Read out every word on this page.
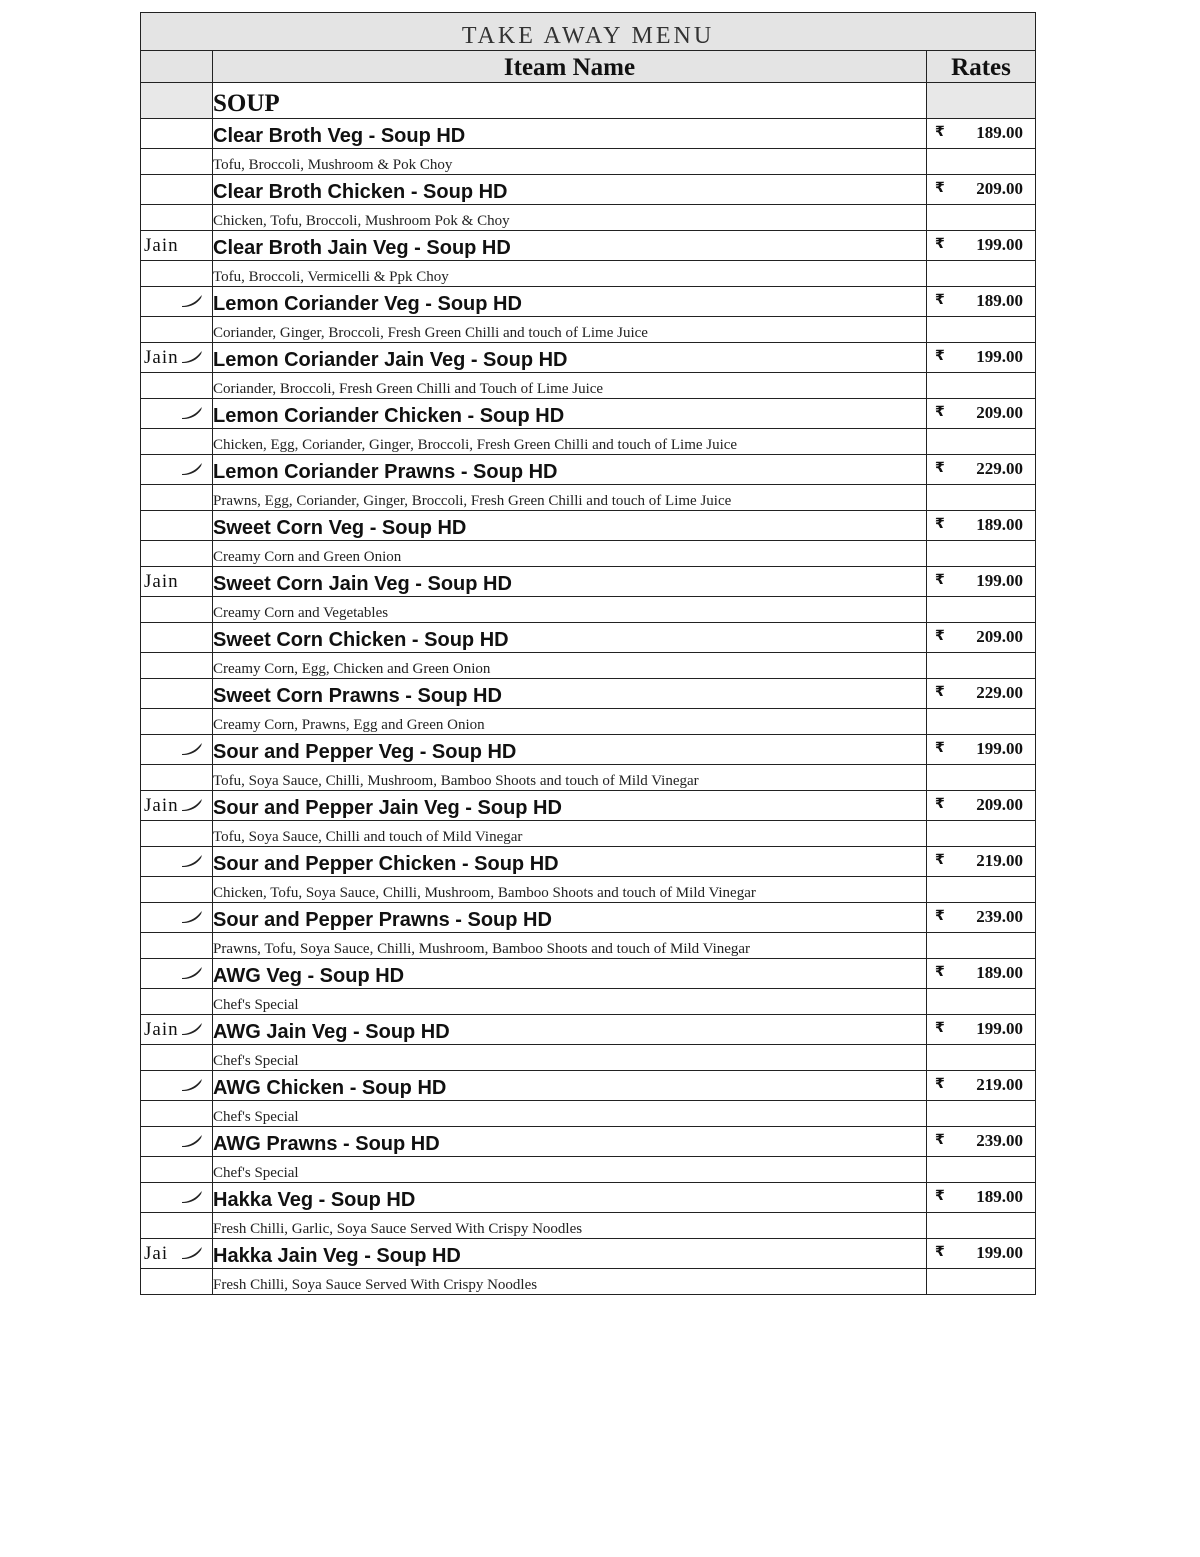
TAKE AWAY MENU		
	Iteam Name	Rates
	SOUP	
	Clear Broth Veg - Soup HD	₹ 189.00

	Tofu, Broccoli, Mushroom & Pok Choy	
	Clear Broth Chicken - Soup HD	₹ 209.00

	Chicken, Tofu, Broccoli, Mushroom Pok & Choy	
Jain	Clear Broth Jain Veg - Soup HD	₹ 199.00

	Tofu, Broccoli, Vermicelli & Ppk Choy	

	Lemon Coriander Veg - Soup HD	₹ 189.00

	Coriander, Ginger, Broccoli, Fresh Green Chilli and touch of Lime Juice	
Jain	Lemon Coriander Jain Veg - Soup HD	₹ 199.00

	Coriander, Broccoli, Fresh Green Chilli and Touch of Lime Juice	

	Lemon Coriander Chicken - Soup HD	₹ 209.00

	Chicken, Egg, Coriander, Ginger, Broccoli, Fresh Green Chilli and touch of Lime Juice	

	Lemon Coriander Prawns - Soup HD	₹ 229.00

	Prawns, Egg, Coriander, Ginger, Broccoli, Fresh Green Chilli and touch of Lime Juice	
	Sweet Corn Veg - Soup HD	₹ 189.00

	Creamy Corn and Green Onion	
Jain	Sweet Corn Jain Veg - Soup HD	₹ 199.00

	Creamy Corn and Vegetables	
	Sweet Corn Chicken - Soup HD	₹ 209.00

	Creamy Corn, Egg, Chicken and Green Onion	
	Sweet Corn Prawns - Soup HD	₹ 229.00

	Creamy Corn, Prawns, Egg and Green Onion	

	Sour and Pepper Veg - Soup HD	₹ 199.00

	Tofu, Soya Sauce, Chilli, Mushroom, Bamboo Shoots and touch of Mild Vinegar	
Jain	Sour and Pepper Jain Veg - Soup HD	₹ 209.00

	Tofu, Soya Sauce, Chilli and touch of Mild Vinegar	

	Sour and Pepper Chicken - Soup HD	₹ 219.00

	Chicken, Tofu, Soya Sauce, Chilli, Mushroom, Bamboo Shoots and touch of Mild Vinegar	

	Sour and Pepper Prawns - Soup HD	₹ 239.00

	Prawns, Tofu, Soya Sauce, Chilli, Mushroom, Bamboo Shoots and touch of Mild Vinegar	

	AWG Veg - Soup HD	₹ 189.00

	Chef's Special	
Jain	AWG Jain Veg - Soup HD	₹ 199.00

	Chef's Special	

	AWG Chicken - Soup HD	₹ 219.00

	Chef's Special	

	AWG Prawns - Soup HD	₹ 239.00

	Chef's Special	

	Hakka Veg - Soup HD	₹ 189.00

	Fresh Chilli, Garlic, Soya Sauce Served With Crispy Noodles	
Jai	Hakka Jain Veg - Soup HD	₹ 199.00

	Fresh Chilli, Soya Sauce Served With Crispy Noodles	
